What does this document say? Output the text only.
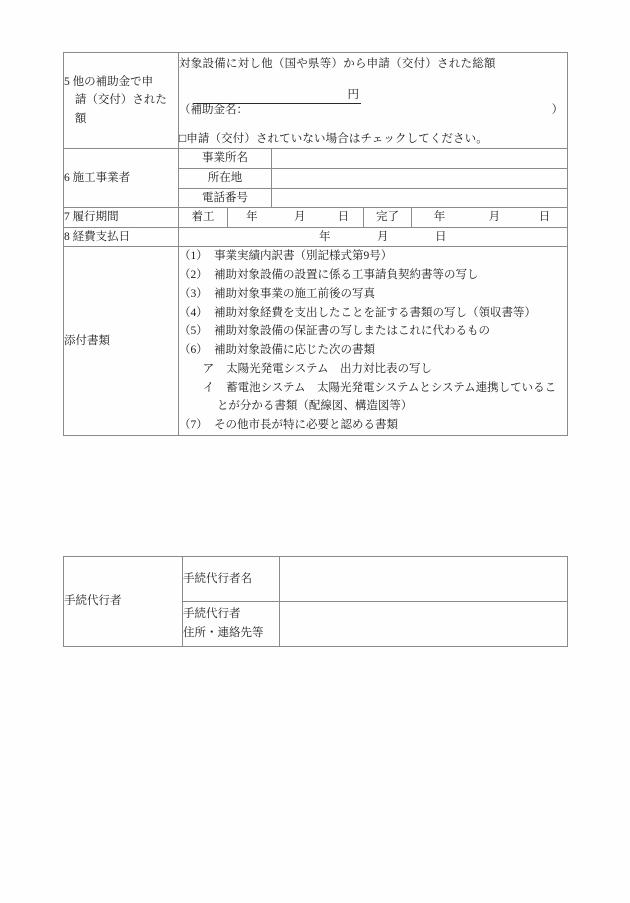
5 他の補助金で申
請（交付）された
額

対象設備に対し他（国や県等）から申請（交付）された総額
円
（補助金名：	）
□申請（交付）されていない場合はチェックしてください。

6 施工事業者	事業所名				
	所在地				
	電話番号				

7 履行期間	着工	年 月 日		完了	年 月 日

8 経費支払日	年 月 日				

添付書類

（1） 事業実績内訳書（別記様式第9号）
（2） 補助対象設備の設置に係る工事請負契約書等の写し
（3） 補助対象事業の施工前後の写真
（4） 補助対象経費を支出したことを証する書類の写し（領収書等）
（5） 補助対象設備の保証書の写しまたはこれに代わるもの
（6） 補助対象設備に応じた次の書類
ア 太陽光発電システム　出力対比表の写し
イ 蓄電池システム　太陽光発電システムとシステム連携していることが分かる書類（配線図、構造図等）
（7） その他市長が特に必要と認める書類
手続代行者	手続代行者名	

	手続代行者
住所・連絡先等	
